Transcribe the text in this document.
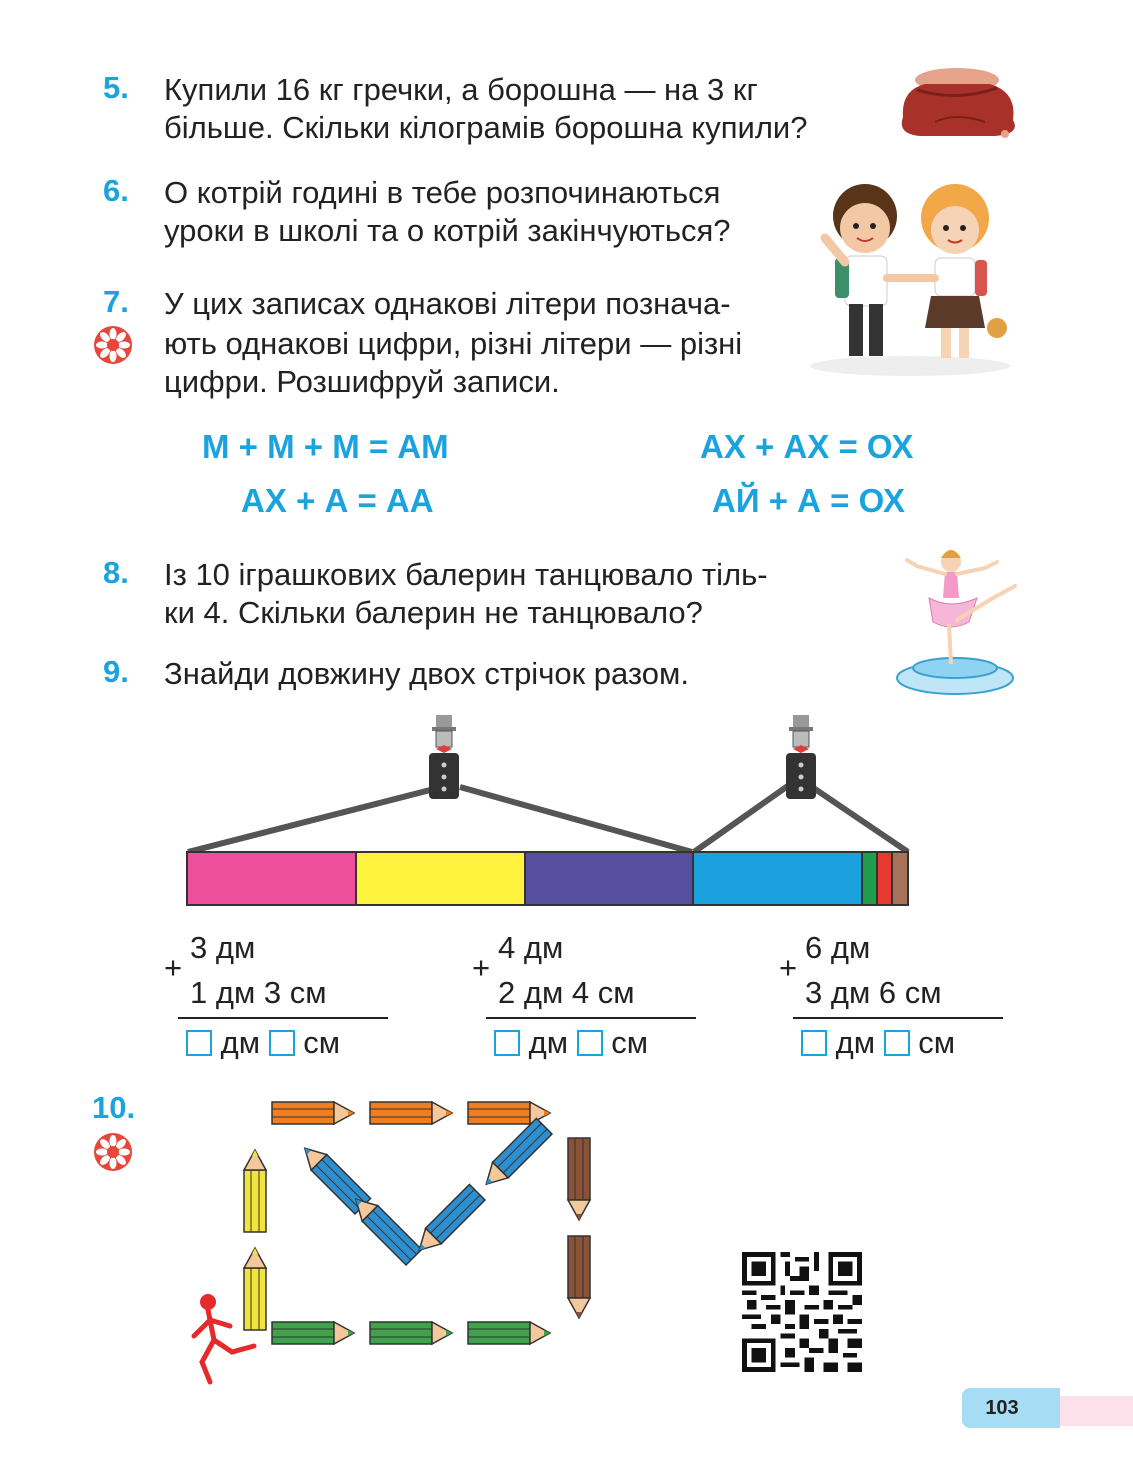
5. Купили 16 кг гречки, а борошна — на 3 кг
більше. Скільки кілограмів борошна купили?
6. О котрій годині в тебе розпочинаються
уроки в школі та о котрій закінчуються?
7. У цих записах однакові літери познача-
ють однакові цифри, різні літери — різні
цифри. Розшифруй записи.
М + М + М = АМ
АХ + А = АА
АХ + АХ = ОХ
АЙ + А = ОХ
8. Із 10 іграшкових балерин танцювало тіль-
ки 4. Скільки балерин не танцювало?
9. Знайди довжину двох стрічок разом.
+
3 дм
1 дм 3 см
дм см
+
4 дм
2 дм 4 см
дм см
+
6 дм
3 дм 6 см
дм см
10.
103
